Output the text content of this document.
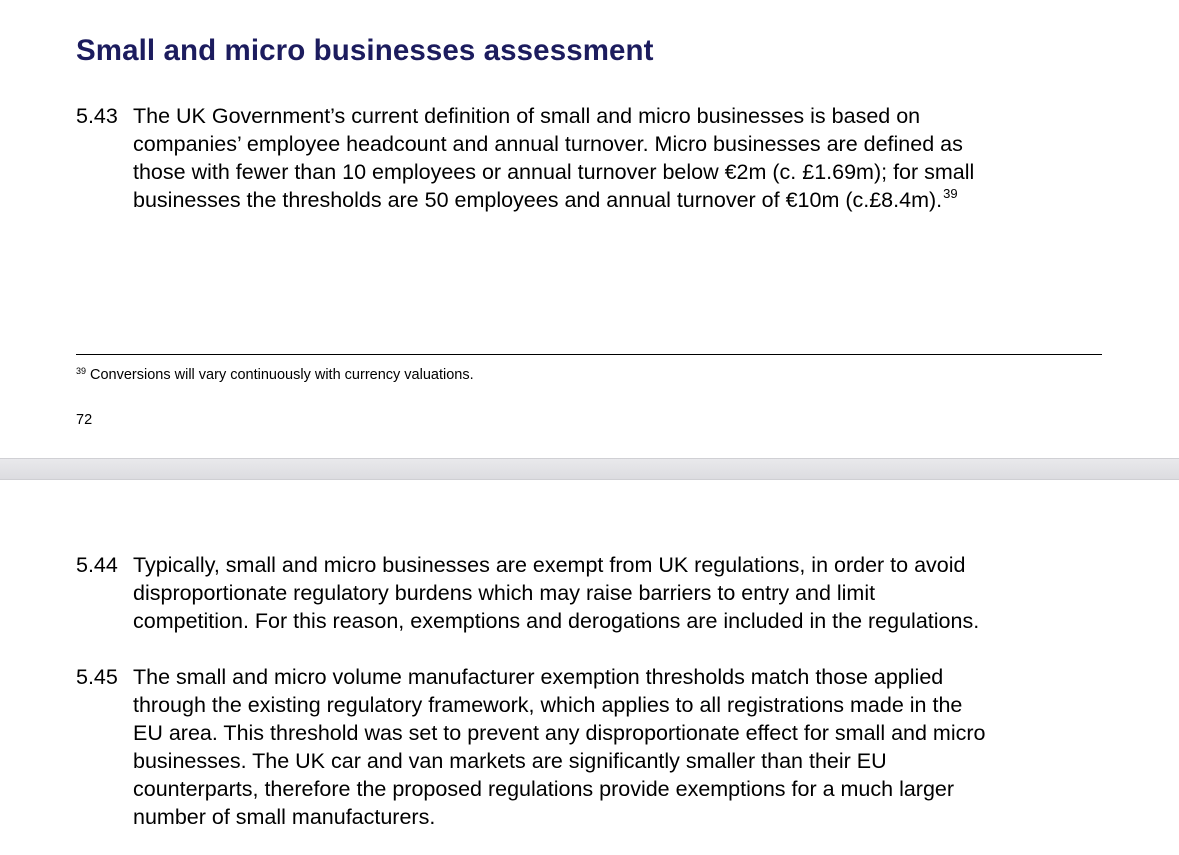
Small and micro businesses assessment
5.43 The UK Government’s current definition of small and micro businesses is based on
companies’ employee headcount and annual turnover. Micro businesses are defined as
those with fewer than 10 employees or annual turnover below €2m (c. £1.69m); for small
businesses the thresholds are 50 employees and annual turnover of €10m (c.£8.4m).$^{39}$
$^{39}$ Conversions will vary continuously with currency valuations.
72
5.44 Typically, small and micro businesses are exempt from UK regulations, in order to avoid
disproportionate regulatory burdens which may raise barriers to entry and limit
competition. For this reason, exemptions and derogations are included in the regulations.
5.45 The small and micro volume manufacturer exemption thresholds match those applied
through the existing regulatory framework, which applies to all registrations made in the
EU area. This threshold was set to prevent any disproportionate effect for small and micro
businesses. The UK car and van markets are significantly smaller than their EU
counterparts, therefore the proposed regulations provide exemptions for a much larger
number of small manufacturers.
